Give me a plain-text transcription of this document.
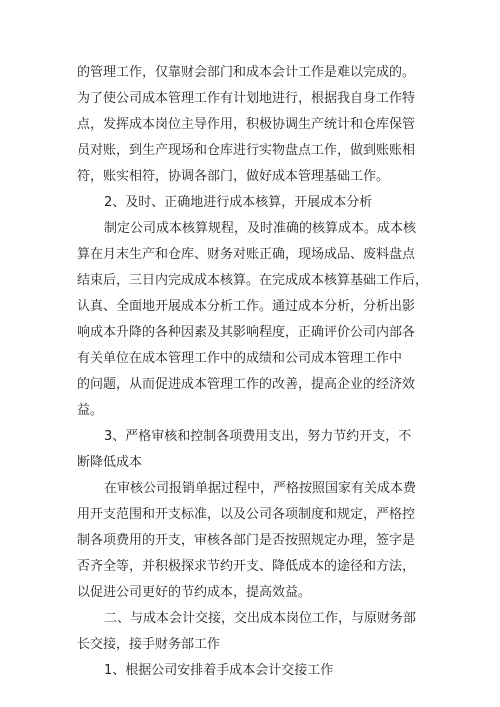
的管理工作，仅靠财会部门和成本会计工作是难以完成的。
为了使公司成本管理工作有计划地进行，根据我自身工作特
点，发挥成本岗位主导作用，积极协调生产统计和仓库保管
员对账，到生产现场和仓库进行实物盘点工作，做到账账相
符，账实相符，协调各部门，做好成本管理基础工作。
2、及时、正确地进行成本核算，开展成本分析
制定公司成本核算规程，及时准确的核算成本。成本核
算在月末生产和仓库、财务对账正确，现场成品、废料盘点
结束后，三日内完成成本核算。在完成成本核算基础工作后，
认真、全面地开展成本分析工作。通过成本分析，分析出影
响成本升降的各种因素及其影响程度，正确评价公司内部各
有关单位在成本管理工作中的成绩和公司成本管理工作中
的问题，从而促进成本管理工作的改善，提高企业的经济效
益。
3、严格审核和控制各项费用支出，努力节约开支，不
断降低成本
在审核公司报销单据过程中，严格按照国家有关成本费
用开支范围和开支标准，以及公司各项制度和规定，严格控
制各项费用的开支，审核各部门是否按照规定办理，签字是
否齐全等，并积极探求节约开支、降低成本的途径和方法，
以促进公司更好的节约成本，提高效益。
二、与成本会计交接，交出成本岗位工作，与原财务部
长交接，接手财务部工作
1、根据公司安排着手成本会计交接工作
